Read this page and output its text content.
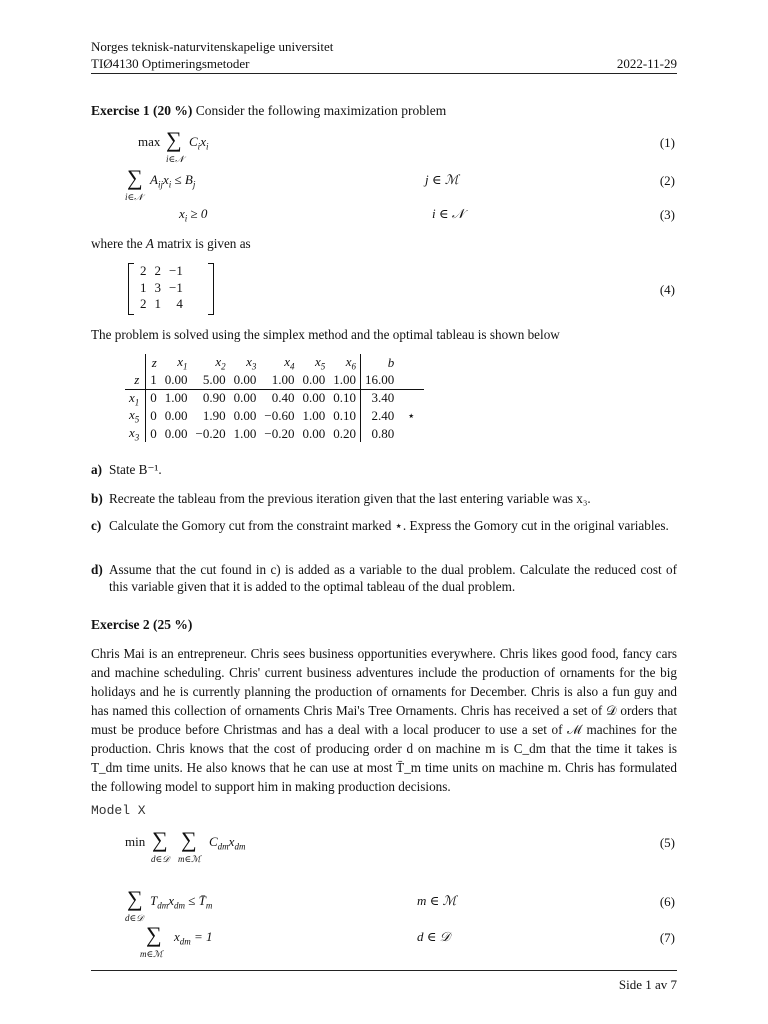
Norges teknisk-naturvitenskapelige universitet
TIØ4130 Optimeringsmetoder	2022-11-29
Exercise 1 (20 %) Consider the following maximization problem
max ∑
i∈𝒩
$C_ix_i$	(1)
∑
i∈𝒩
$A_{ij}x_i \le B_j$	j ∈ ℳ	(2)
$x_i \ge 0$	i ∈ 𝒩	(3)
where the A matrix is given as
2	2	−1
1	3	−1
2	1	4
(4)
The problem is solved using the simplex method and the optimal tableau is shown below
	z	$x_1$	$x_2$	$x_3$	$x_4$	$x_5$	$x_6$	b	
z	1	0.00	5.00	0.00	1.00	0.00	1.00	16.00	
$x_1$	0	1.00	0.90	0.00	0.40	0.00	0.10	3.40	
$x_5$	0	0.00	1.90	0.00	−0.60	1.00	0.10	2.40	⋆
$x_3$	0	0.00	−0.20	1.00	−0.20	0.00	0.20	0.80	
a) State B⁻¹.
b) Recreate the tableau from the previous iteration given that the last entering variable was x₃.
c) Calculate the Gomory cut from the constraint marked ⋆. Express the Gomory cut in the original variables.
d) Assume that the cut found in c) is added as a variable to the dual problem. Calculate the reduced cost of this variable given that it is added to the optimal tableau of the dual problem.
Exercise 2 (25 %)
Chris Mai is an entrepreneur. Chris sees business opportunities everywhere. Chris likes good food, fancy cars and machine scheduling. Chris' current business adventures include the production of ornaments for the big holidays and he is currently planning the production of ornaments for December. Chris is also a fun guy and has named this collection of ornaments Chris Mai's Tree Ornaments. Chris has received a set of 𝒟 orders that must be produce before Christmas and has a deal with a local producer to use a set of ℳ machines for the production. Chris knows that the cost of producing order d on machine m is C_dm that the time it takes is T_dm time units. He also knows that he can use at most T̄_m time units on machine m. Chris has formulated the following model to support him in making production decisions.
Model X
min ∑ ∑
d∈𝒟 m∈ℳ
$C_{dm}x_{dm}$	(5)
∑
d∈𝒟
$T_{dm}x_{dm}$ ≤ $T̄_m$	m ∈ ℳ	(6)
∑
m∈ℳ
$x_{dm} = 1$	d ∈ 𝒟	(7)
Side 1 av 7
